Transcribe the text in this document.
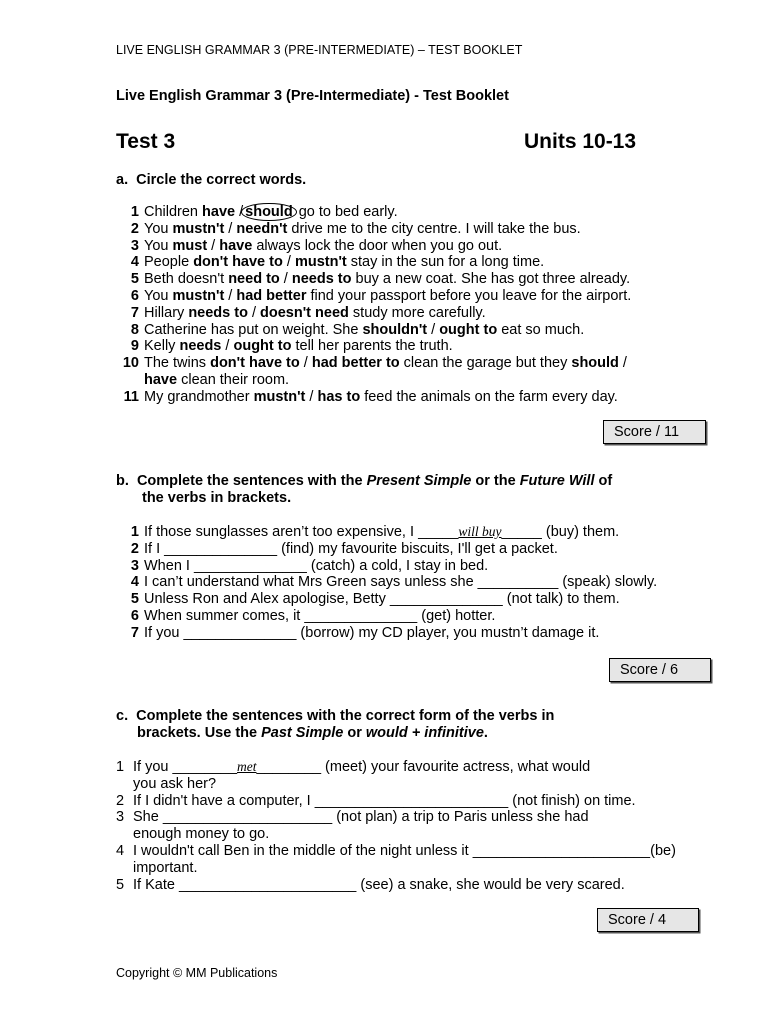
LIVE ENGLISH GRAMMAR 3 (PRE-INTERMEDIATE) – TEST BOOKLET
Live English Grammar 3 (Pre-Intermediate) - Test Booklet
Test 3	Units 10-13
a. Circle the correct words.
1 Children have / should go to bed early.
2 You mustn't / needn't drive me to the city centre. I will take the bus.
3 You must / have always lock the door when you go out.
4 People don't have to / mustn't stay in the sun for a long time.
5 Beth doesn't need to / needs to buy a new coat. She has got three already.
6 You mustn't / had better find your passport before you leave for the airport.
7 Hillary needs to / doesn't need study more carefully.
8 Catherine has put on weight. She shouldn't / ought to eat so much.
9 Kelly needs / ought to tell her parents the truth.
10 The twins don't have to / had better to clean the garage but they should /
have clean their room.
11 My grandmother mustn't / has to feed the animals on the farm every day.
Score / 11
b. Complete the sentences with the Present Simple or the Future Will of
the verbs in brackets.
1 If those sunglasses aren’t too expensive, I _____will buy_____ (buy) them.
2 If I ______________ (find) my favourite biscuits, I'll get a packet.
3 When I ______________ (catch) a cold, I stay in bed.
4 I can’t understand what Mrs Green says unless she __________ (speak) slowly.
5 Unless Ron and Alex apologise, Betty ______________ (not talk) to them.
6 When summer comes, it ______________ (get) hotter.
7 If you ______________ (borrow) my CD player, you mustn’t damage it.
Score / 6
c. Complete the sentences with the correct form of the verbs in
brackets. Use the Past Simple or would + infinitive.
1 If you ________met________ (meet) your favourite actress, what would
you ask her?
2 If I didn't have a computer, I ________________________ (not finish) on time.
3 She _____________________ (not plan) a trip to Paris unless she had
enough money to go.
4 I wouldn't call Ben in the middle of the night unless it ______________________(be)
important.
5 If Kate ______________________ (see) a snake, she would be very scared.
Score / 4
Copyright © MM Publications
